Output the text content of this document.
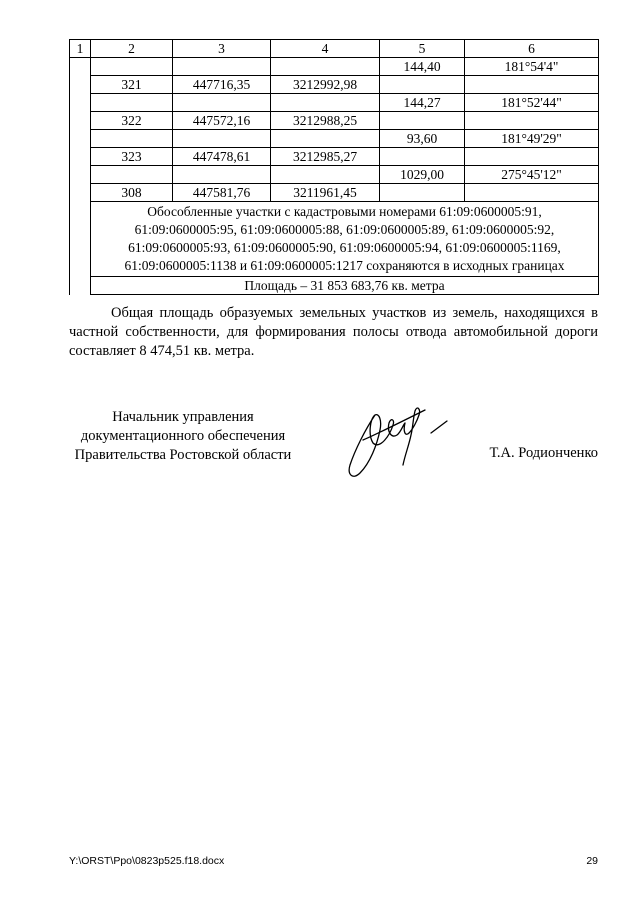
1	2	3	4	5	6
				144,40	181°54'4"
	321	447716,35	3212992,98		
				144,27	181°52'44"
	322	447572,16	3212988,25		
				93,60	181°49'29"
	323	447478,61	3212985,27		
				1029,00	275°45'12"
	308	447581,76	3211961,45		

	Обособленные участки с кадастровыми номерами 61:09:0600005:91,
61:09:0600005:95, 61:09:0600005:88, 61:09:0600005:89, 61:09:0600005:92,
61:09:0600005:93, 61:09:0600005:90, 61:09:0600005:94, 61:09:0600005:1169,
61:09:0600005:1138 и 61:09:0600005:1217 сохраняются в исходных границах				

	Площадь – 31 853 683,76 кв. метра				
Общая площадь образуемых земельных участков из земель, находящихся в частной собственности, для формирования полосы отвода автомобильной дороги составляет 8 474,51 кв. метра.
Начальник управления
документационного обеспечения
Правительства Ростовской области	Т.А. Родионченко
Y:\ORST\Ppo\0823p525.f18.docx	29
